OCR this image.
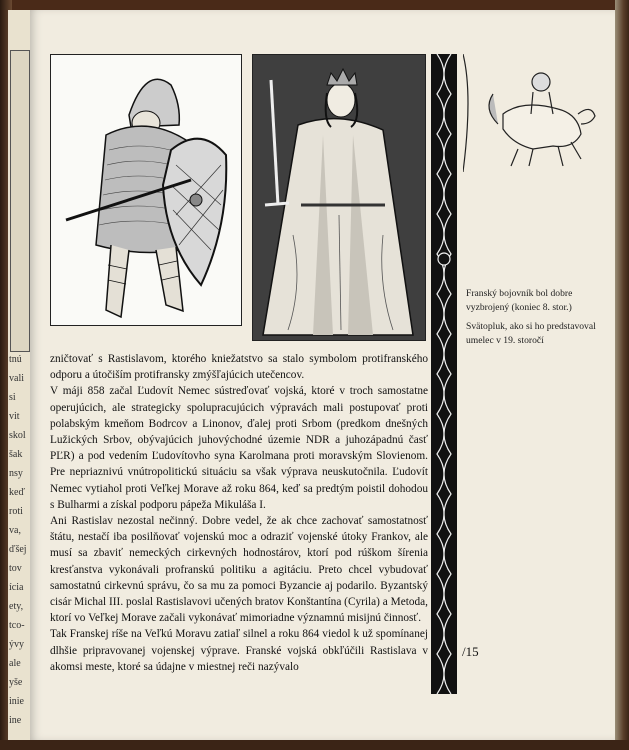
tnú
vali
si
vit
skol
šak
nsy
keď
roti
va,
ďšej
tov
ícia
ety,
tco-
ývy
ale
yše
inie
ine
Franský bojovník bol dobre vyzbrojený (koniec 8. stor.)
Svätopluk, ako si ho predstavoval umelec v 19. storočí

zničtovať s Rastislavom, ktorého kniežatstvo sa stalo symbolom protifranského odporu a útočiším protifransky zmýšľajúcich utečencov.

V máji 858 začal Ľudovít Nemec sústreďovať vojská, ktoré v troch samostatne operujúcich, ale strategicky spolupracujúcich výpravách mali postupovať proti polabským kmeňom Bodrcov a Linonov, ďalej proti Srbom (predkom dnešných Lužických Srbov, obývajúcich juhovýchodné územie NDR a juhozápadnú časť PĽR) a pod vedením Ľudovítovho syna Karolmana proti moravským Slovienom. Pre nepriaznivú vnútropolitickú situáciu sa však výprava neuskutočnila. Ľudovít Nemec vytiahol proti Veľkej Morave až roku 864, keď sa predtým poistil dohodou s Bulharmi a získal podporu pápeža Mikuláša I.

Ani Rastislav nezostal nečinný. Dobre vedel, že ak chce zachovať samostatnosť štátu, nestačí iba posilňovať vojenskú moc a odraziť vojenské útoky Frankov, ale musí sa zbaviť nemeckých cirkevných hodnostárov, ktorí pod rúškom šírenia kresťanstva vykonávali profranskú politiku a agitáciu. Preto chcel vybudovať samostatnú cirkevnú správu, čo sa mu za pomoci Byzancie aj podarilo. Byzantský cisár Michal III. poslal Rastislavovi učených bratov Konštantína (Cyrila) a Metoda, ktorí vo Veľkej Morave začali vykonávať mimoriadne významnú misijnú činnosť.

Tak Franskej ríše na Veľkú Moravu zatiaľ silnel a roku 864 viedol k už spomínanej dlhšie pripravovanej vojenskej výprave. Franské vojská obkľúčili Rastislava v akomsi meste, ktoré sa údajne v miestnej reči nazývalo

/15
